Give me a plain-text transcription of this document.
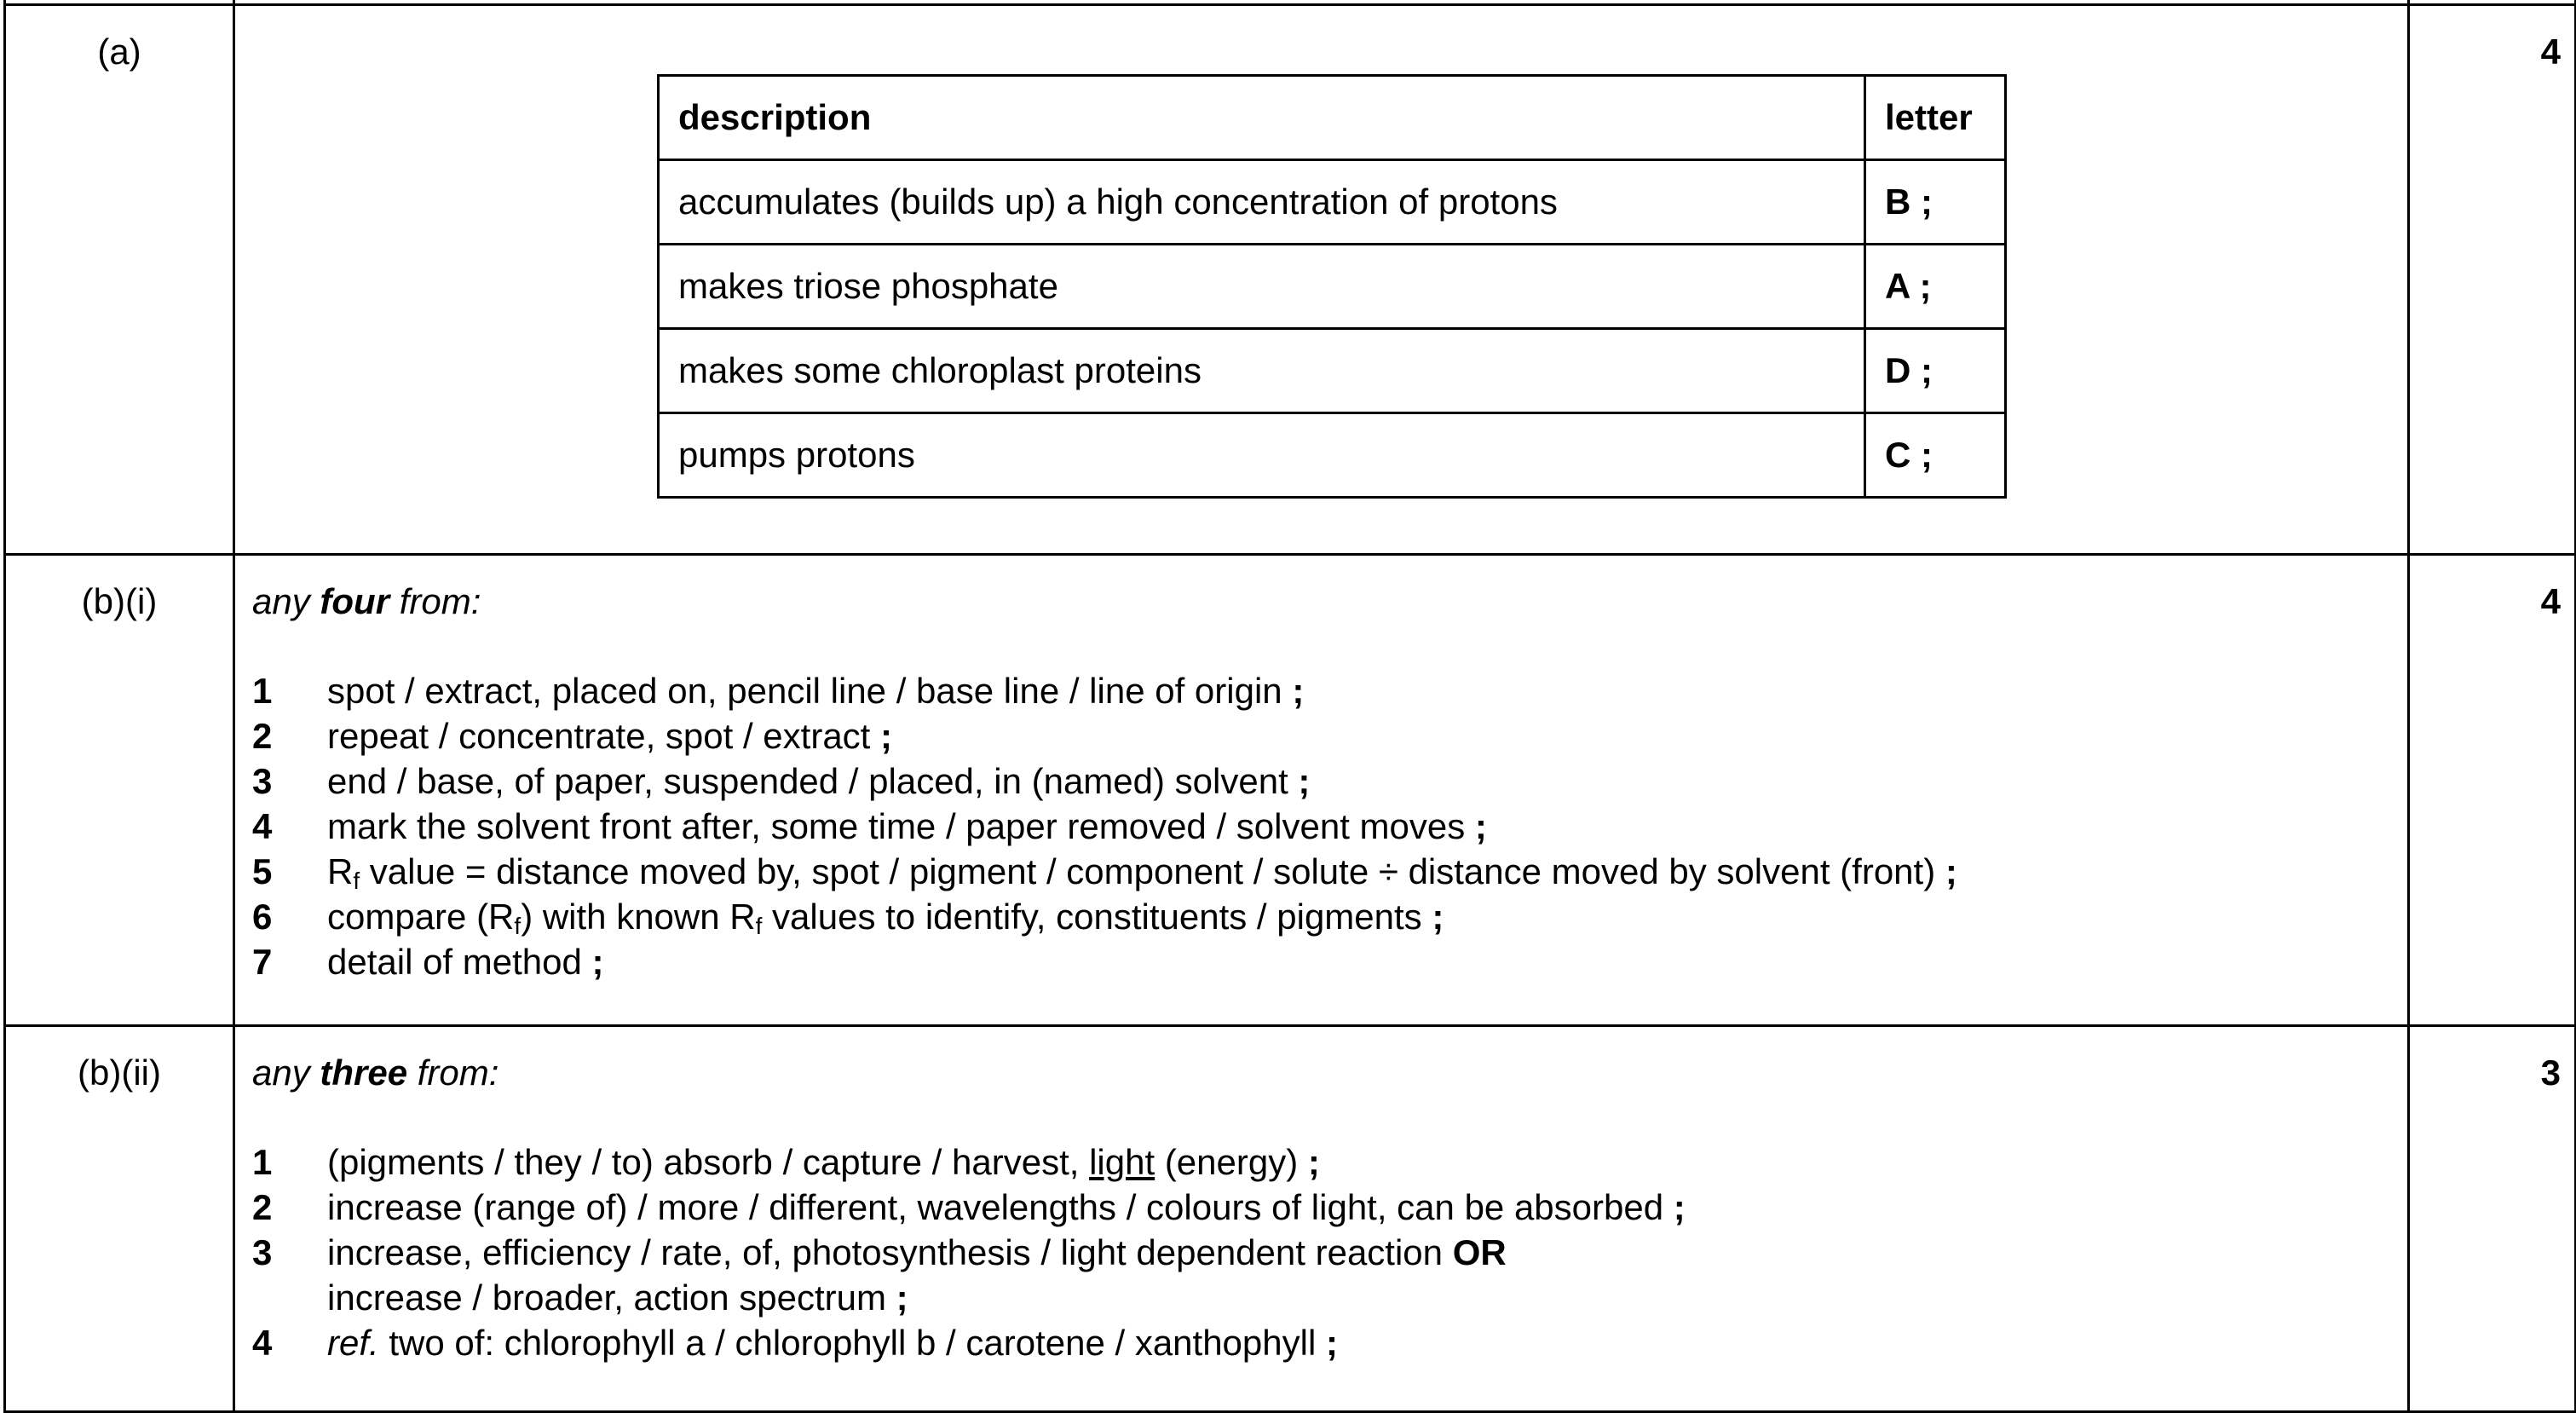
(a)	
description	letter
accumulates (builds up) a high concentration of protons	B ;
makes triose phosphate	A ;
makes some chloroplast proteins	D ;
pumps protons	C ;
	4
(b)(i)	any four from:

1 spot / extract, placed on, pencil line / base line / line of origin ;
2 repeat / concentrate, spot / extract ;
3 end / base, of paper, suspended / placed, in (named) solvent ;
4 mark the solvent front after, some time / paper removed / solvent moves ;
5 $R_f$ value = distance moved by, spot / pigment / component / solute ÷ distance moved by solvent (front) ;
6 compare $(R_f)$ with known $R_f$ values to identify, constituents / pigments ;
7 detail of method ;
	4
(b)(ii)	any three from:

1 (pigments / they / to) absorb / capture / harvest, light (energy) ;
2 increase (range of) / more / different, wavelengths / colours of light, can be absorbed ;
3 increase, efficiency / rate, of, photosynthesis / light dependent reaction OR
increase / broader, action spectrum ;
4 ref. two of: chlorophyll a / chlorophyll b / carotene / xanthophyll ;
	3
